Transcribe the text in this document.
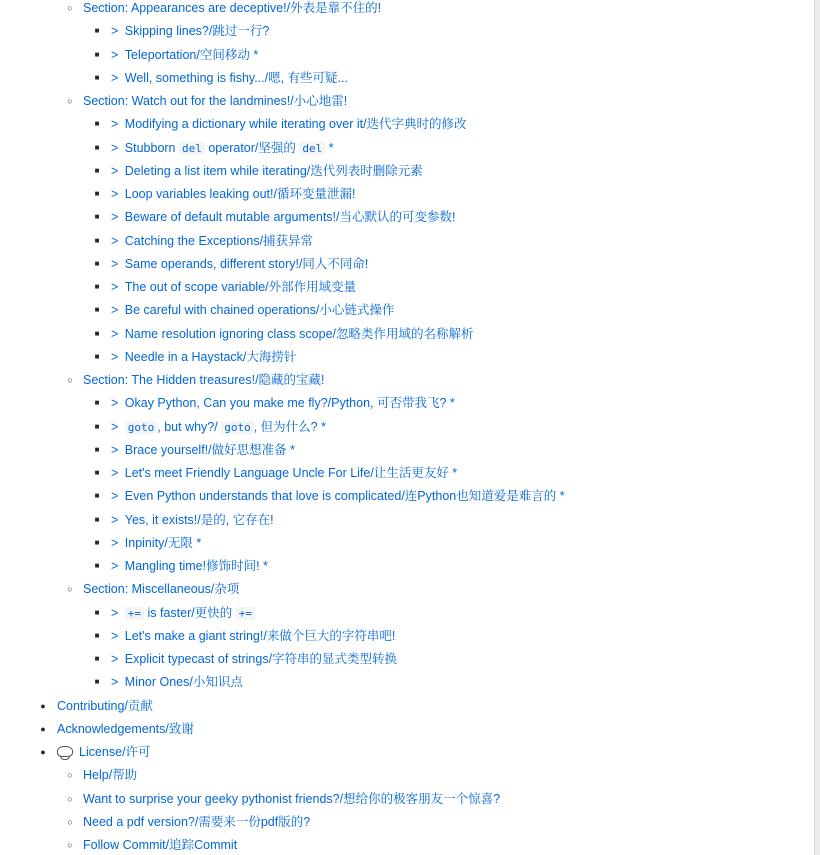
○ Section: Appearances are deceptive!/外表是靠不住的!
■ > Skipping lines?/跳过一行?
■ > Teleportation/空间移动 *
■ > Well, something is fishy.../嗯, 有些可疑...
○ Section: Watch out for the landmines!/小心地雷!
■ > Modifying a dictionary while iterating over it/迭代字典时的修改
■ > Stubborn del operator/坚强的 del *
■ > Deleting a list item while iterating/迭代列表时删除元素
■ > Loop variables leaking out!/循环变量泄漏!
■ > Beware of default mutable arguments!/当心默认的可变参数!
■ > Catching the Exceptions/捕获异常
■ > Same operands, different story!/同人不同命!
■ > The out of scope variable/外部作用域变量
■ > Be careful with chained operations/小心链式操作
■ > Name resolution ignoring class scope/忽略类作用域的名称解析
■ > Needle in a Haystack/大海捞针
○ Section: The Hidden treasures!/隐藏的宝藏!
■ > Okay Python, Can you make me fly?/Python, 可否带我飞? *
■ > goto , but why?/ goto , 但为什么? *
■ > Brace yourself!/做好思想准备 *
■ > Let's meet Friendly Language Uncle For Life/让生活更友好 *
■ > Even Python understands that love is complicated/连Python也知道爱是难言的 *
■ > Yes, it exists!/是的, 它存在!
■ > Inpinity/无限 *
■ > Mangling time!修饰时间! *
○ Section: Miscellaneous/杂项
■ > += is faster/更快的 +=
■ > Let's make a giant string!/来做个巨大的字符串吧!
■ > Explicit typecast of strings/字符串的显式类型转换
■ > Minor Ones/小知识点
● Contributing/贡献
● Acknowledgements/致谢
●	License/许可
○ Help/帮助
○ Want to surprise your geeky pythonist friends?/想给你的极客朋友一个惊喜?
○ Need a pdf version?/需要来一份pdf版的?
○ Follow Commit/追踪Commit
